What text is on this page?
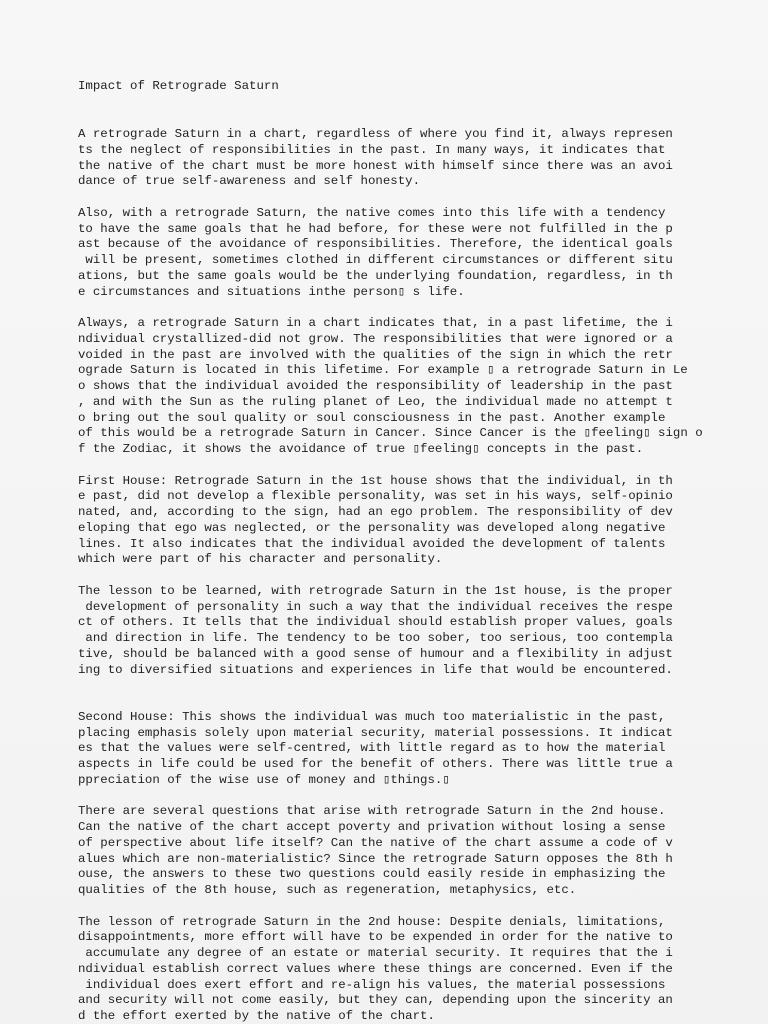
Impact of Retrograde Saturn
A retrograde Saturn in a chart, regardless of where you find it, always represen
ts the neglect of responsibilities in the past. In many ways, it indicates that
the native of the chart must be more honest with himself since there was an avoi
dance of true self-awareness and self honesty.
Also, with a retrograde Saturn, the native comes into this life with a tendency
to have the same goals that he had before, for these were not fulfilled in the p
ast because of the avoidance of responsibilities. Therefore, the identical goals
will be present, sometimes clothed in different circumstances or different situ
ations, but the same goals would be the underlying foundation, regardless, in th
e circumstances and situations inthe person▯ s life.
Always, a retrograde Saturn in a chart indicates that, in a past lifetime, the i
ndividual crystallized-did not grow. The responsibilities that were ignored or a
voided in the past are involved with the qualities of the sign in which the retr
ograde Saturn is located in this lifetime. For example ▯ a retrograde Saturn in Le
o shows that the individual avoided the responsibility of leadership in the past
, and with the Sun as the ruling planet of Leo, the individual made no attempt t
o bring out the soul quality or soul consciousness in the past. Another example
of this would be a retrograde Saturn in Cancer. Since Cancer is the ▯feeling▯ sign o
f the Zodiac, it shows the avoidance of true ▯feeling▯ concepts in the past.
First House: Retrograde Saturn in the 1st house shows that the individual, in th
e past, did not develop a flexible personality, was set in his ways, self-opinio
nated, and, according to the sign, had an ego problem. The responsibility of dev
eloping that ego was neglected, or the personality was developed along negative
lines. It also indicates that the individual avoided the development of talents
which were part of his character and personality.
The lesson to be learned, with retrograde Saturn in the 1st house, is the proper
development of personality in such a way that the individual receives the respe
ct of others. It tells that the individual should establish proper values, goals
and direction in life. The tendency to be too sober, too serious, too contempla
tive, should be balanced with a good sense of humour and a flexibility in adjust
ing to diversified situations and experiences in life that would be encountered.
Second House: This shows the individual was much too materialistic in the past,
placing emphasis solely upon material security, material possessions. It indicat
es that the values were self-centred, with little regard as to how the material
aspects in life could be used for the benefit of others. There was little true a
ppreciation of the wise use of money and ▯things.▯
There are several questions that arise with retrograde Saturn in the 2nd house.
Can the native of the chart accept poverty and privation without losing a sense
of perspective about life itself? Can the native of the chart assume a code of v
alues which are non-materialistic? Since the retrograde Saturn opposes the 8th h
ouse, the answers to these two questions could easily reside in emphasizing the
qualities of the 8th house, such as regeneration, metaphysics, etc.
The lesson of retrograde Saturn in the 2nd house: Despite denials, limitations,
disappointments, more effort will have to be expended in order for the native to
accumulate any degree of an estate or material security. It requires that the i
ndividual establish correct values where these things are concerned. Even if the
individual does exert effort and re-align his values, the material possessions
and security will not come easily, but they can, depending upon the sincerity an
d the effort exerted by the native of the chart.
